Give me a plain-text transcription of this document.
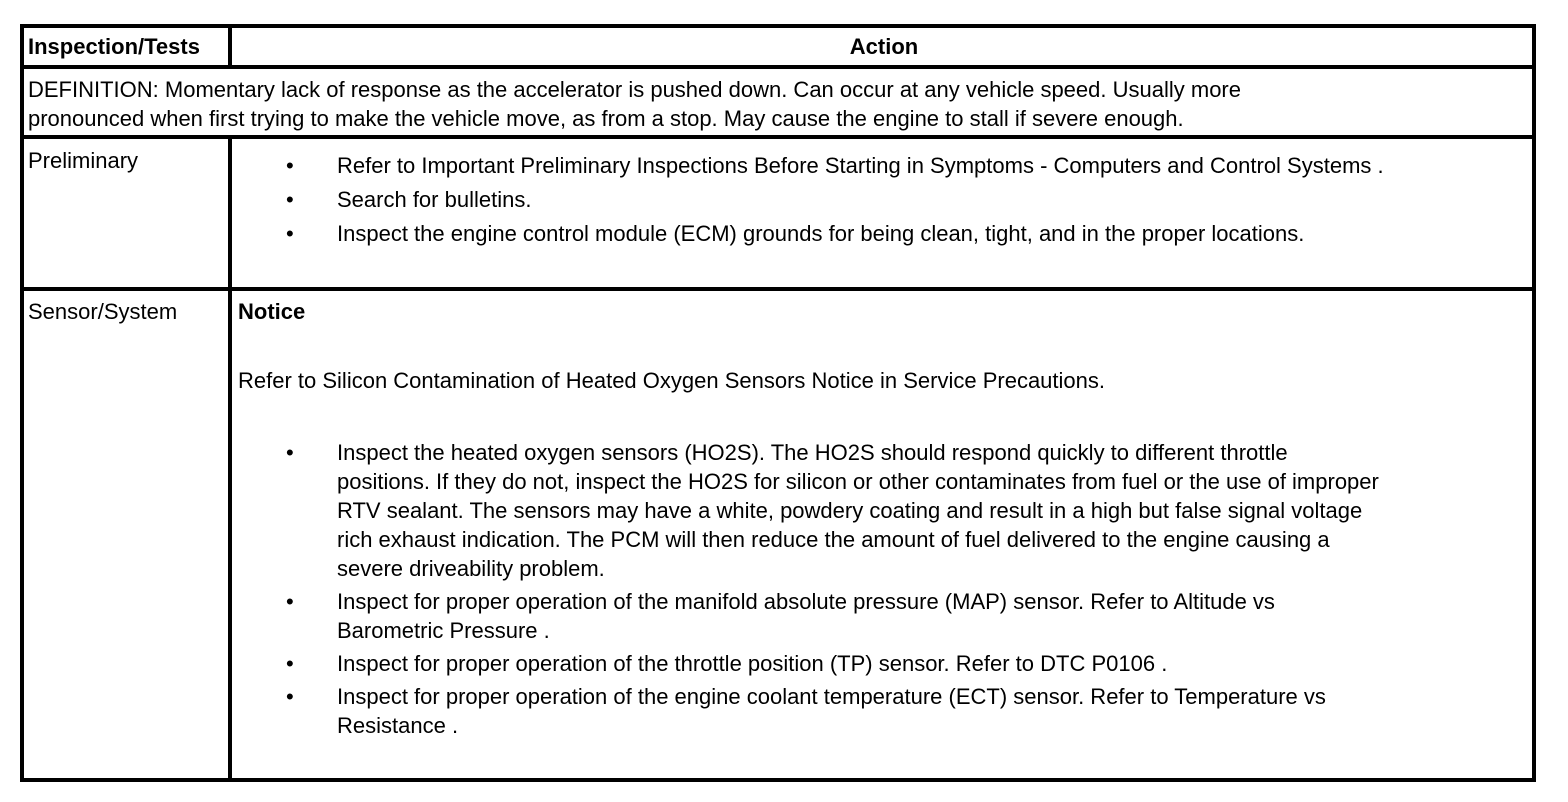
Inspection/Tests	Action
DEFINITION: Momentary lack of response as the accelerator is pushed down. Can occur at any vehicle speed. Usually more
pronounced when first trying to make the vehicle move, as from a stop. May cause the engine to stall if severe enough.
Preliminary	• Refer to Important Preliminary Inspections Before Starting in Symptoms - Computers and Control Systems .
• Search for bulletins.
• Inspect the engine control module (ECM) grounds for being clean, tight, and in the proper locations.
Sensor/System	Notice
Refer to Silicon Contamination of Heated Oxygen Sensors Notice in Service Precautions.
• Inspect the heated oxygen sensors (HO2S). The HO2S should respond quickly to different throttle
positions. If they do not, inspect the HO2S for silicon or other contaminates from fuel or the use of improper
RTV sealant. The sensors may have a white, powdery coating and result in a high but false signal voltage
rich exhaust indication. The PCM will then reduce the amount of fuel delivered to the engine causing a
severe driveability problem.
• Inspect for proper operation of the manifold absolute pressure (MAP) sensor. Refer to Altitude vs
Barometric Pressure .
• Inspect for proper operation of the throttle position (TP) sensor. Refer to DTC P0106 .
• Inspect for proper operation of the engine coolant temperature (ECT) sensor. Refer to Temperature vs
Resistance .
